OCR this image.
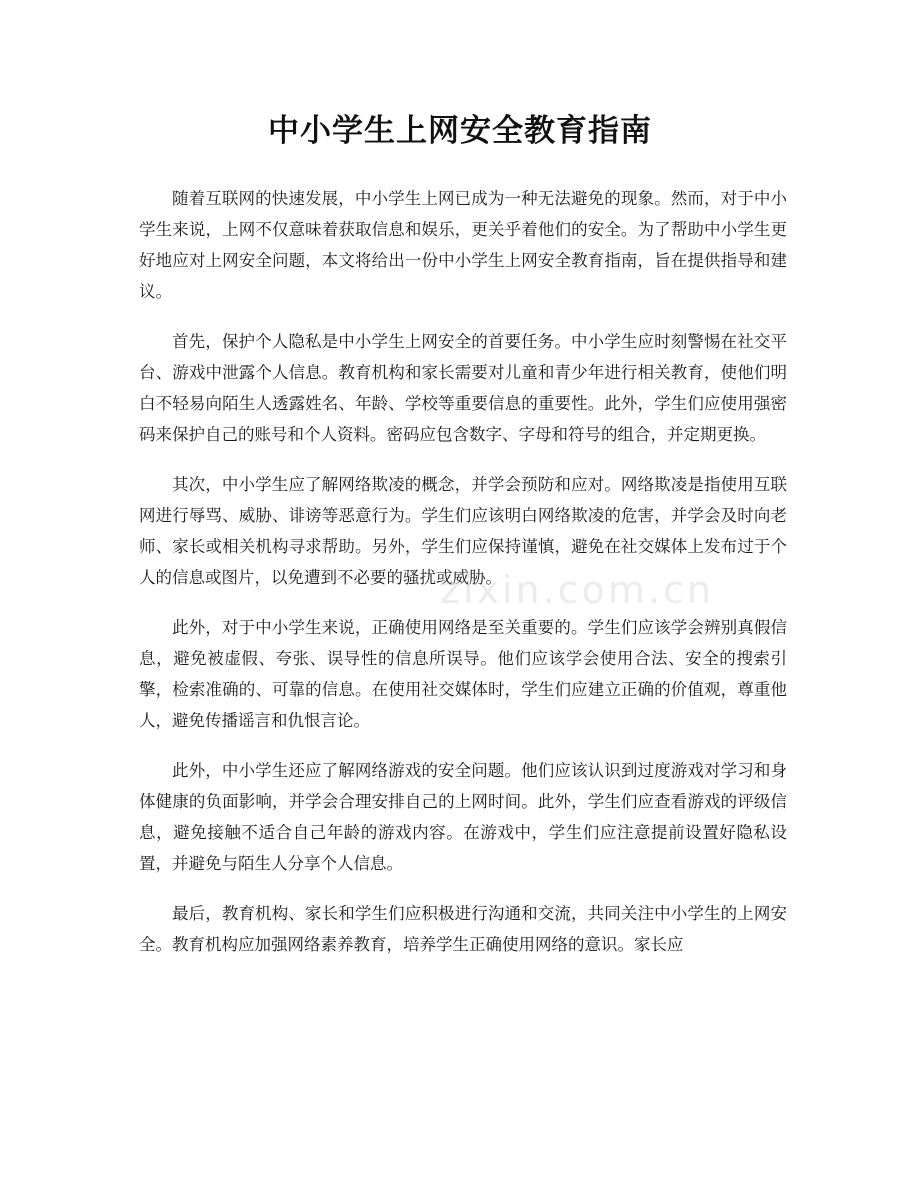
中小学生上网安全教育指南

随着互联网的快速发展，中小学生上网已成为一种无法避免的现象。然而，对于中小学生来说，上网不仅意味着获取信息和娱乐，更关乎着他们的安全。为了帮助中小学生更好地应对上网安全问题，本文将给出一份中小学生上网安全教育指南，旨在提供指导和建议。

首先，保护个人隐私是中小学生上网安全的首要任务。中小学生应时刻警惕在社交平台、游戏中泄露个人信息。教育机构和家长需要对儿童和青少年进行相关教育，使他们明白不轻易向陌生人透露姓名、年龄、学校等重要信息的重要性。此外，学生们应使用强密码来保护自己的账号和个人资料。密码应包含数字、字母和符号的组合，并定期更换。

其次，中小学生应了解网络欺凌的概念，并学会预防和应对。网络欺凌是指使用互联网进行辱骂、威胁、诽谤等恶意行为。学生们应该明白网络欺凌的危害，并学会及时向老师、家长或相关机构寻求帮助。另外，学生们应保持谨慎，避免在社交媒体上发布过于个人的信息或图片，以免遭到不必要的骚扰或威胁。

此外，对于中小学生来说，正确使用网络是至关重要的。学生们应该学会辨别真假信息，避免被虚假、夸张、误导性的信息所误导。他们应该学会使用合法、安全的搜索引擎，检索准确的、可靠的信息。在使用社交媒体时，学生们应建立正确的价值观，尊重他人，避免传播谣言和仇恨言论。

此外，中小学生还应了解网络游戏的安全问题。他们应该认识到过度游戏对学习和身体健康的负面影响，并学会合理安排自己的上网时间。此外，学生们应查看游戏的评级信息，避免接触不适合自己年龄的游戏内容。在游戏中，学生们应注意提前设置好隐私设置，并避免与陌生人分享个人信息。

最后，教育机构、家长和学生们应积极进行沟通和交流，共同关注中小学生的上网安全。教育机构应加强网络素养教育，培养学生正确使用网络的意识。家长应

zixin.com.cn
